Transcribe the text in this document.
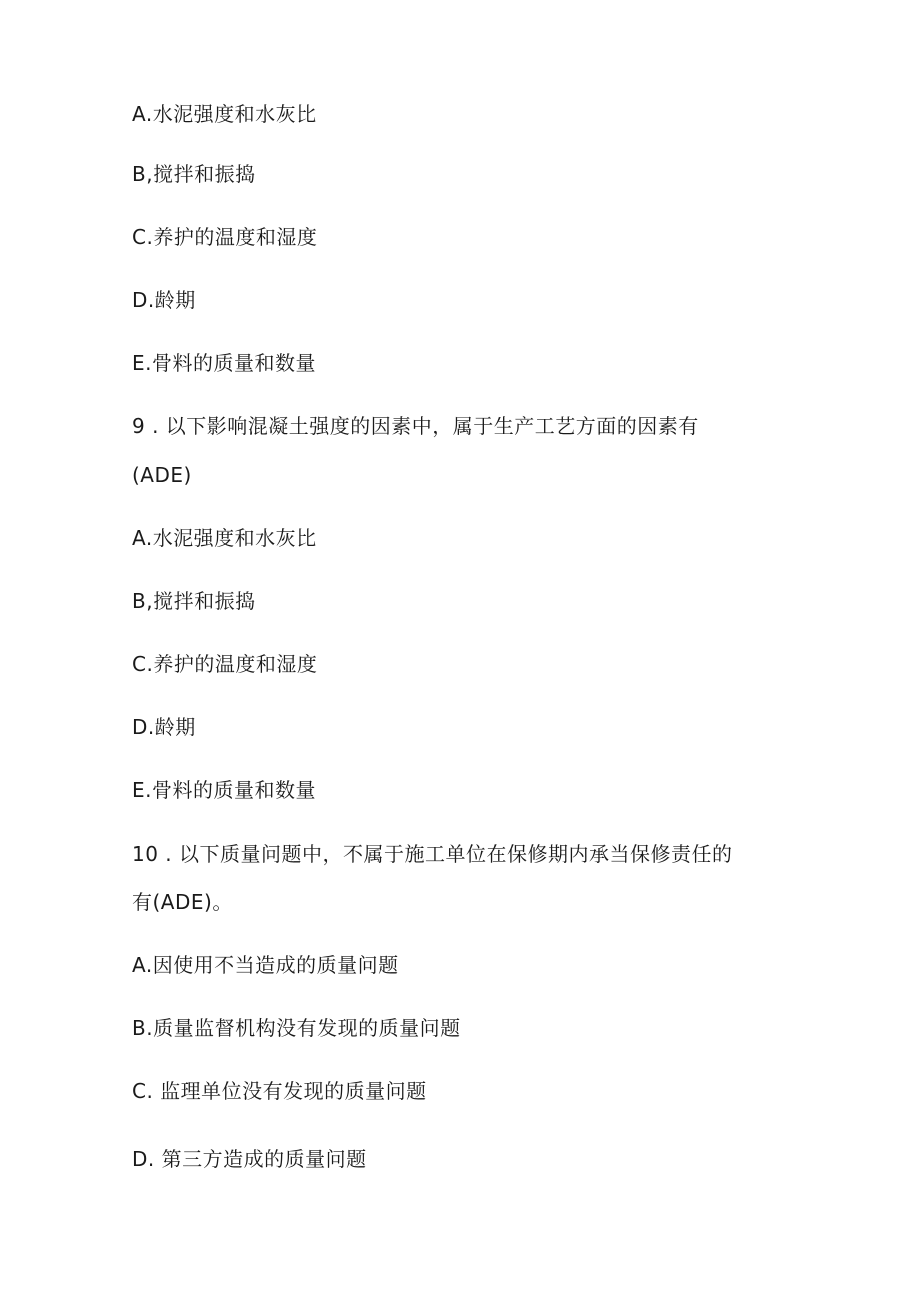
A.水泥强度和水灰比
B,搅拌和振捣
C.养护的温度和湿度
D.龄期
E.骨料的质量和数量
9 . 以下影响混凝土强度的因素中，属于生产工艺方面的因素有
(ADE)
A.水泥强度和水灰比
B,搅拌和振捣
C.养护的温度和湿度
D.龄期
E.骨料的质量和数量
10 . 以下质量问题中，不属于施工单位在保修期内承当保修责任的
有(ADE)。
A.因使用不当造成的质量问题
B.质量监督机构没有发现的质量问题
C. 监理单位没有发现的质量问题
D. 第三方造成的质量问题
